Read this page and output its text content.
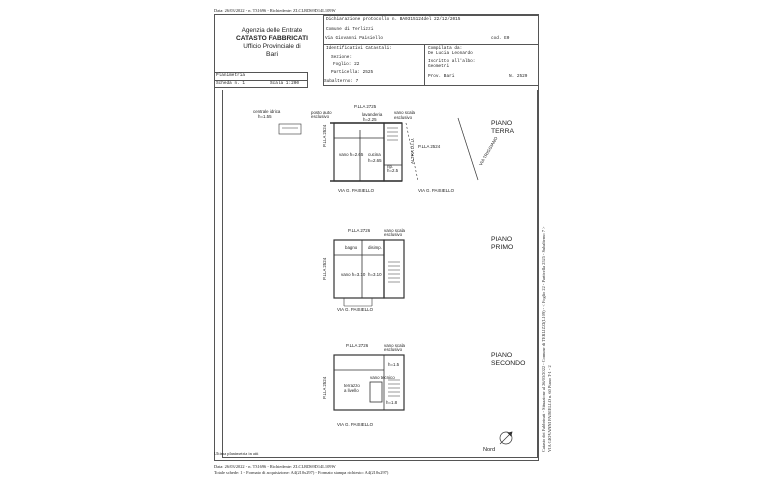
Data: 26/03/2022 - n. T31696 - Richiedente: ZLCLRD69D14L109W
Agenzia delle Entrate
CATASTO FABBRICATI
Ufficio Provinciale di
Bari
Dichiarazione protocollo n. BA0315124del 22/12/2015
Comune di Terlizzi
Via Giovanni Paisiello	cod. E0
Identificativi Catastali:
Sezione:
Foglio: 22
Particella: 2525
Subalterno: 7
Compilata da:
De Lucia Leonardo
Iscritto all'albo:
Geometri
Prov. Bari	N. 2529
Planimetria
Scheda n. 1	Scala 1:200
P.LLA 2725
P.LLA 2524	P.LLA 2524
VIA G. PAISIELLO	VIA G. PAISIELLO
VIA TRIGGIANO
ALTRA U.I.U.
PIANO
TERRA
centrale idrica
h=1.55
posto auto
esclusivo	lavanderia
h=2.25
vano scala
esclusivo
vano h=2.65 cucina
h=2.65
rip.
h=2.5
P.LLA 2726
P.LLA 2524
VIA G. PAISIELLO
PIANO
PRIMO
bagno disimp.
vano scala
esclusivo
vano h=3.10 h=3.10
P.LLA 2726
P.LLA 2524
VIA G. PAISIELLO
PIANO
SECONDO
vano scala
esclusivo
terrazzo
a livello
vano tecnico
h=1.5
h=1.8
Nord
Ultima planimetria in atti
Data: 26/03/2022 - n. T31696 - Richiedente: ZLCLRD69D14L109W
Totale schede: 1 - Formato di acquisizione: A4(210x297) - Formato stampa richiesto: A4(210x297)
Catasto dei Fabbricati - Situazione al 26/03/2022 - Comune di TERLIZZI(L109) - < Foglio 22 - Particella 2525 - Subalterno 7 > VIA GIOVANNI PAISIELLO n. 60 Piano T-1 - 2
